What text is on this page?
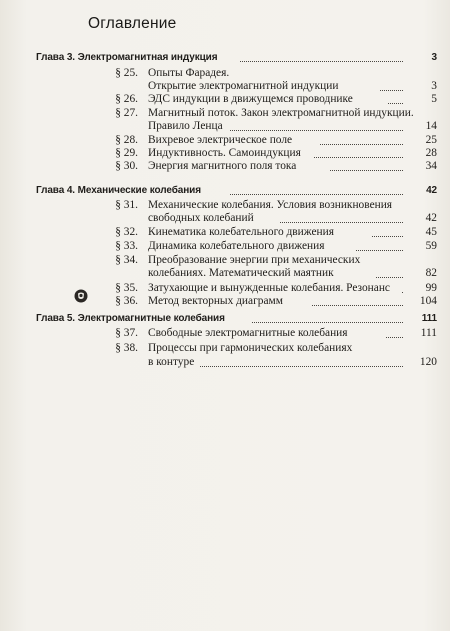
Оглавление
Глава 3. Электромагнитная индукция	3
§ 25. Опыты Фарадея.
Открытие электромагнитной индукции	3
§ 26. ЭДС индукции в движущемся проводнике	5
§ 27. Магнитный поток. Закон электромагнитной индукции.
Правило Ленца	14
§ 28. Вихревое электрическое поле	25
§ 29. Индуктивность. Самоиндукция	28
§ 30. Энергия магнитного поля тока	34
Глава 4. Механические колебания	42
§ 31. Механические колебания. Условия возникновения
свободных колебаний	42
§ 32. Кинематика колебательного движения	45
§ 33. Динамика колебательного движения	59
§ 34. Преобразование энергии при механических
колебаниях. Математический маятник	82
§ 35. Затухающие и вынужденные колебания. Резонанс	99
§ 36. Метод векторных диаграмм	104
Глава 5. Электромагнитные колебания	111
§ 37. Свободные электромагнитные колебания	111
§ 38. Процессы при гармонических колебаниях
в контуре	120
